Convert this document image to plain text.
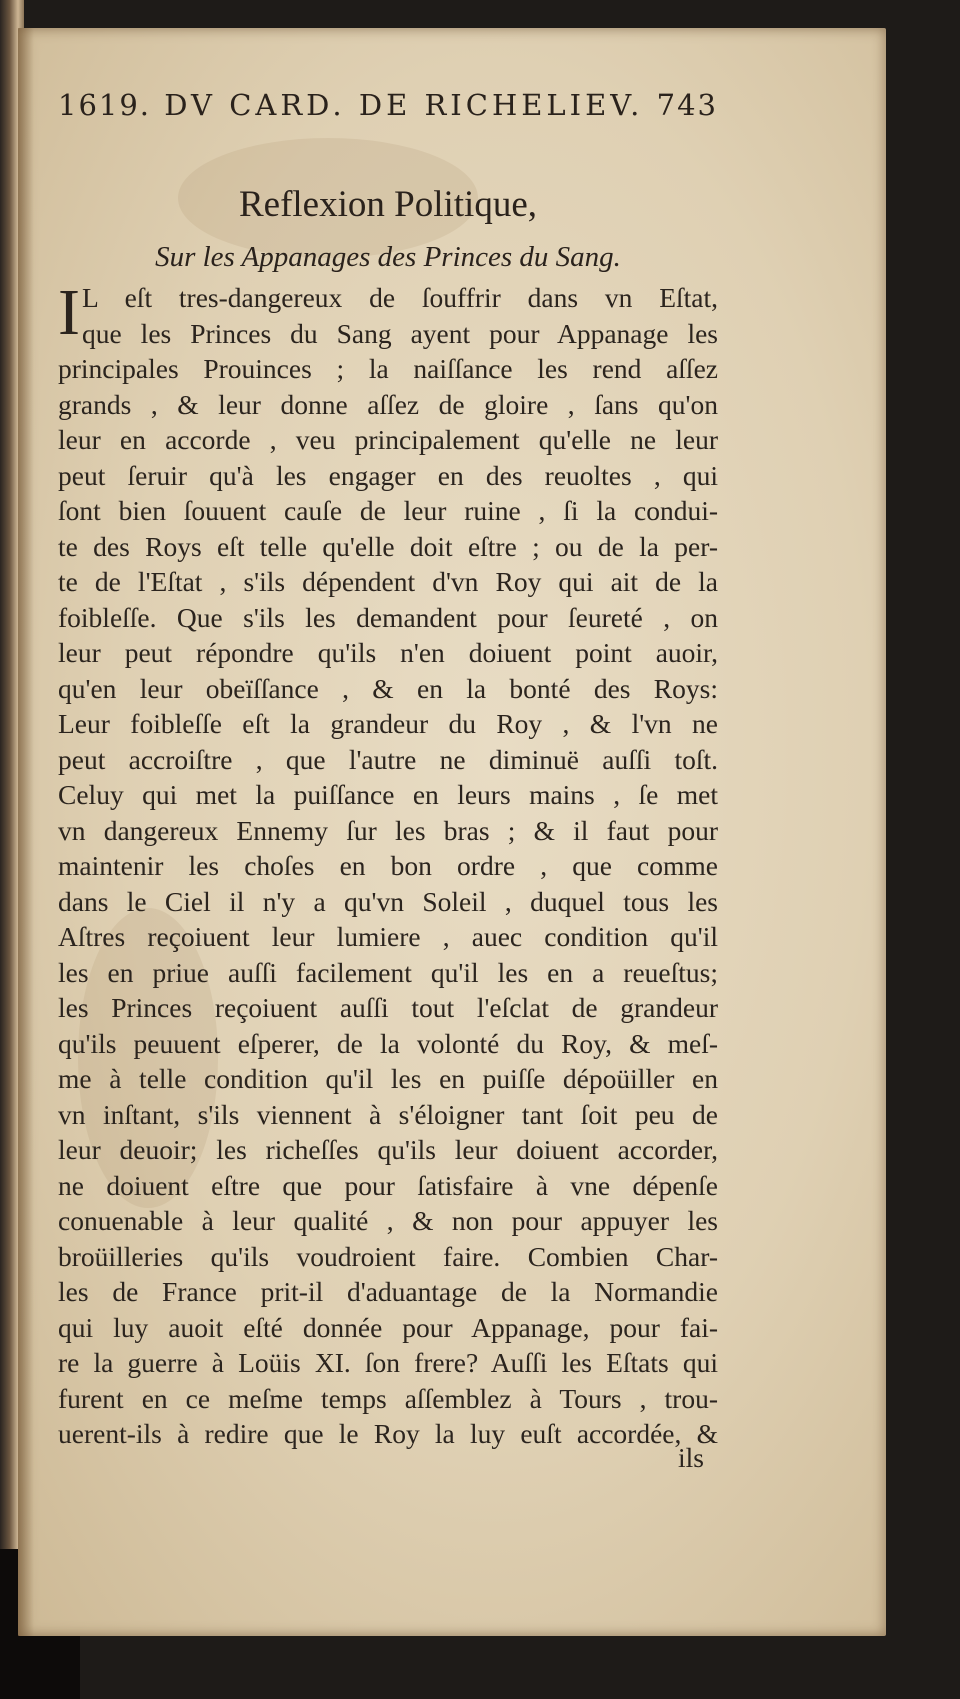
1619. DV CARD. DE RICHELIEV. 743
Reflexion Politique,
Sur les Appanages des Princes du Sang.
I L eſt tres-dangereux de ſouffrir dans vn Eſtat,
que les Princes du Sang ayent pour Appanage les
principales Prouinces ; la naiſſance les rend aſſez
grands , & leur donne aſſez de gloire , ſans qu'on
leur en accorde , veu principalement qu'elle ne leur
peut ſeruir qu'à les engager en des reuoltes , qui
ſont bien ſouuent cauſe de leur ruine , ſi la condui-
te des Roys eſt telle qu'elle doit eſtre ; ou de la per-
te de l'Eſtat , s'ils dépendent d'vn Roy qui ait de la
foibleſſe. Que s'ils les demandent pour ſeureté , on
leur peut répondre qu'ils n'en doiuent point auoir,
qu'en leur obeïſſance , & en la bonté des Roys:
Leur foibleſſe eſt la grandeur du Roy , & l'vn ne
peut accroiſtre , que l'autre ne diminuë auſſi toſt.
Celuy qui met la puiſſance en leurs mains , ſe met
vn dangereux Ennemy ſur les bras ; & il faut pour
maintenir les choſes en bon ordre , que comme
dans le Ciel il n'y a qu'vn Soleil , duquel tous les
Aſtres reçoiuent leur lumiere , auec condition qu'il
les en priue auſſi facilement qu'il les en a reueſtus;
les Princes reçoiuent auſſi tout l'eſclat de grandeur
qu'ils peuuent eſperer, de la volonté du Roy, & meſ-
me à telle condition qu'il les en puiſſe dépoüiller en
vn inſtant, s'ils viennent à s'éloigner tant ſoit peu de
leur deuoir; les richeſſes qu'ils leur doiuent accorder,
ne doiuent eſtre que pour ſatisfaire à vne dépenſe
conuenable à leur qualité , & non pour appuyer les
broüilleries qu'ils voudroient faire. Combien Char-
les de France prit-il d'aduantage de la Normandie
qui luy auoit eſté donnée pour Appanage, pour fai-
re la guerre à Loüis XI. ſon frere? Auſſi les Eſtats qui
furent en ce meſme temps aſſemblez à Tours , trou-
uerent-ils à redire que le Roy la luy euſt accordée, &
ils
